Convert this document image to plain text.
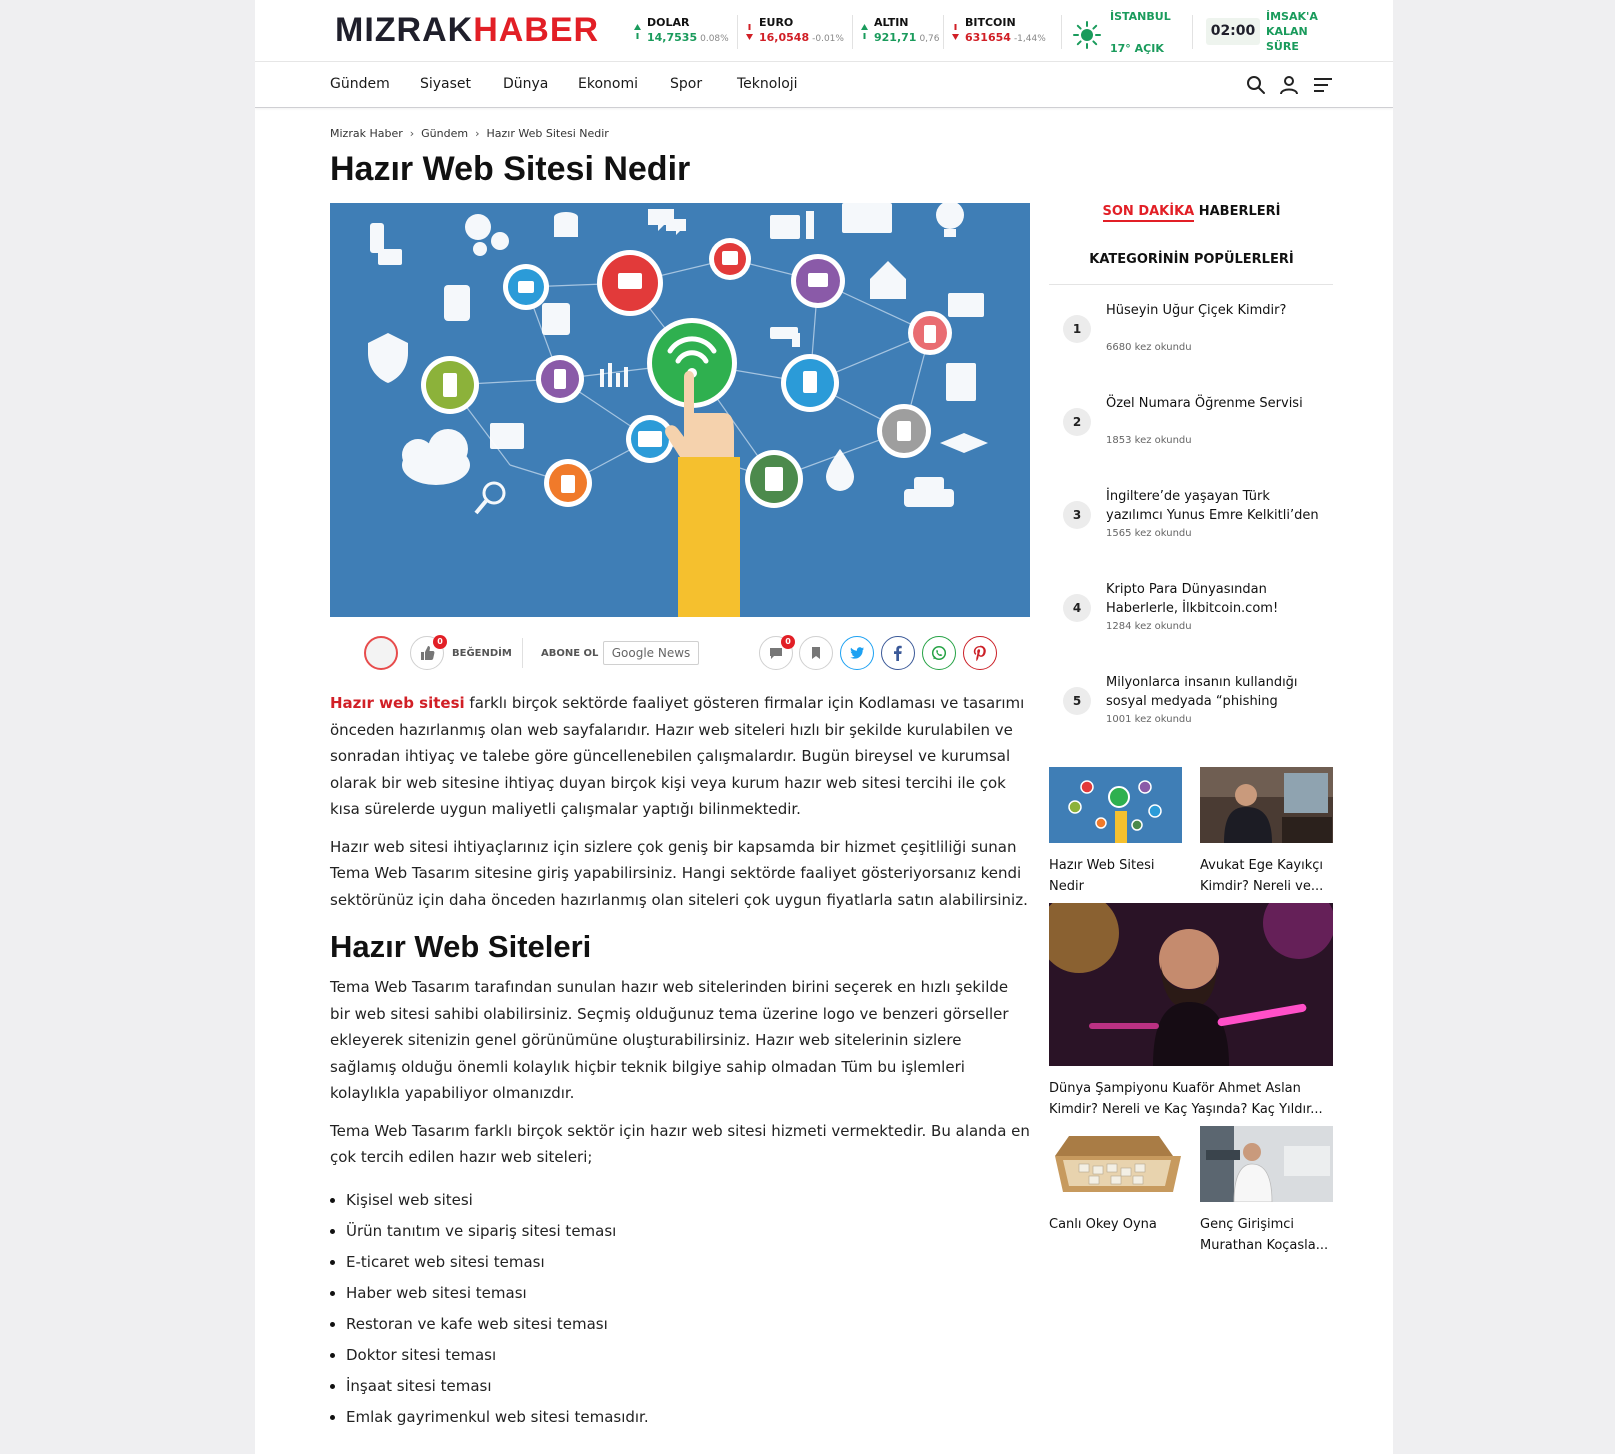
MIZRAKHABER	DOLAR
14,7535 0.08%
EURO
16,0548 -0.01%
ALTIN
921,71 0,76
BITCOIN
631654 -1,44%
İSTANBUL
17° AÇIK
02:00
İMSAK'A
KALAN
SÜRE
Gündem Siyaset Dünya Ekonomi Spor Teknoloji
Mizrak Haber › Gündem › Hazır Web Sitesi Nedir
Hazır Web Sitesi Nedir
0
BEĞENDİM	ABONE OL	Google News
0

Hazır web sitesi farklı birçok sektörde faaliyet gösteren firmalar için Kodlaması ve tasarımı önceden hazırlanmış olan web sayfalarıdır. Hazır web siteleri hızlı bir şekilde kurulabilen ve sonradan ihtiyaç ve talebe göre güncellenebilen çalışmalardır. Bugün bireysel ve kurumsal olarak bir web sitesine ihtiyaç duyan birçok kişi veya kurum hazır web sitesi tercihi ile çok kısa sürelerde uygun maliyetli çalışmalar yaptığı bilinmektedir.

Hazır web sitesi ihtiyaçlarınız için sizlere çok geniş bir kapsamda bir hizmet çeşitliliği sunan Tema Web Tasarım sitesine giriş yapabilirsiniz. Hangi sektörde faaliyet gösteriyorsanız kendi sektörünüz için daha önceden hazırlanmış olan siteleri çok uygun fiyatlarla satın alabilirsiniz.

Hazır Web Siteleri

Tema Web Tasarım tarafından sunulan hazır web sitelerinden birini seçerek en hızlı şekilde bir web sitesi sahibi olabilirsiniz. Seçmiş olduğunuz tema üzerine logo ve benzeri görseller ekleyerek sitenizin genel görünümüne oluşturabilirsiniz. Hazır web sitelerinin sizlere sağlamış olduğu önemli kolaylık hiçbir teknik bilgiye sahip olmadan Tüm bu işlemleri kolaylıkla yapabiliyor olmanızdır.

Tema Web Tasarım farklı birçok sektör için hazır web sitesi hizmeti vermektedir. Bu alanda en çok tercih edilen hazır web siteleri;

Kişisel web sitesi
Ürün tanıtım ve sipariş sitesi teması
E-ticaret web sitesi teması
Haber web sitesi teması
Restoran ve kafe web sitesi teması
Doktor sitesi teması
İnşaat sitesi teması
Emlak gayrimenkul web sitesi temasıdır.
SON DAKİKA HABERLERİ
KATEGORİNİN POPÜLERLERİ
1
Hüseyin Uğur Çiçek Kimdir?
6680 kez okundu
2
Özel Numara Öğrenme Servisi
1853 kez okundu
3
İngiltere’de yaşayan Türk yazılımcı Yunus Emre Kelkitli’den
1565 kez okundu
4
Kripto Para Dünyasından Haberlerle, İlkbitcoin.com!
1284 kez okundu
5
Milyonlarca insanın kullandığı sosyal medyada “phishing
1001 kez okundu
Hazır Web Sitesi Nedir
Avukat Ege Kayıkçı Kimdir? Nereli ve...
Dünya Şampiyonu Kuaför Ahmet Aslan Kimdir? Nereli ve Kaç Yaşında? Kaç Yıldır...
Canlı Okey Oyna	Genç Girişimci Murathan Koçasla...
